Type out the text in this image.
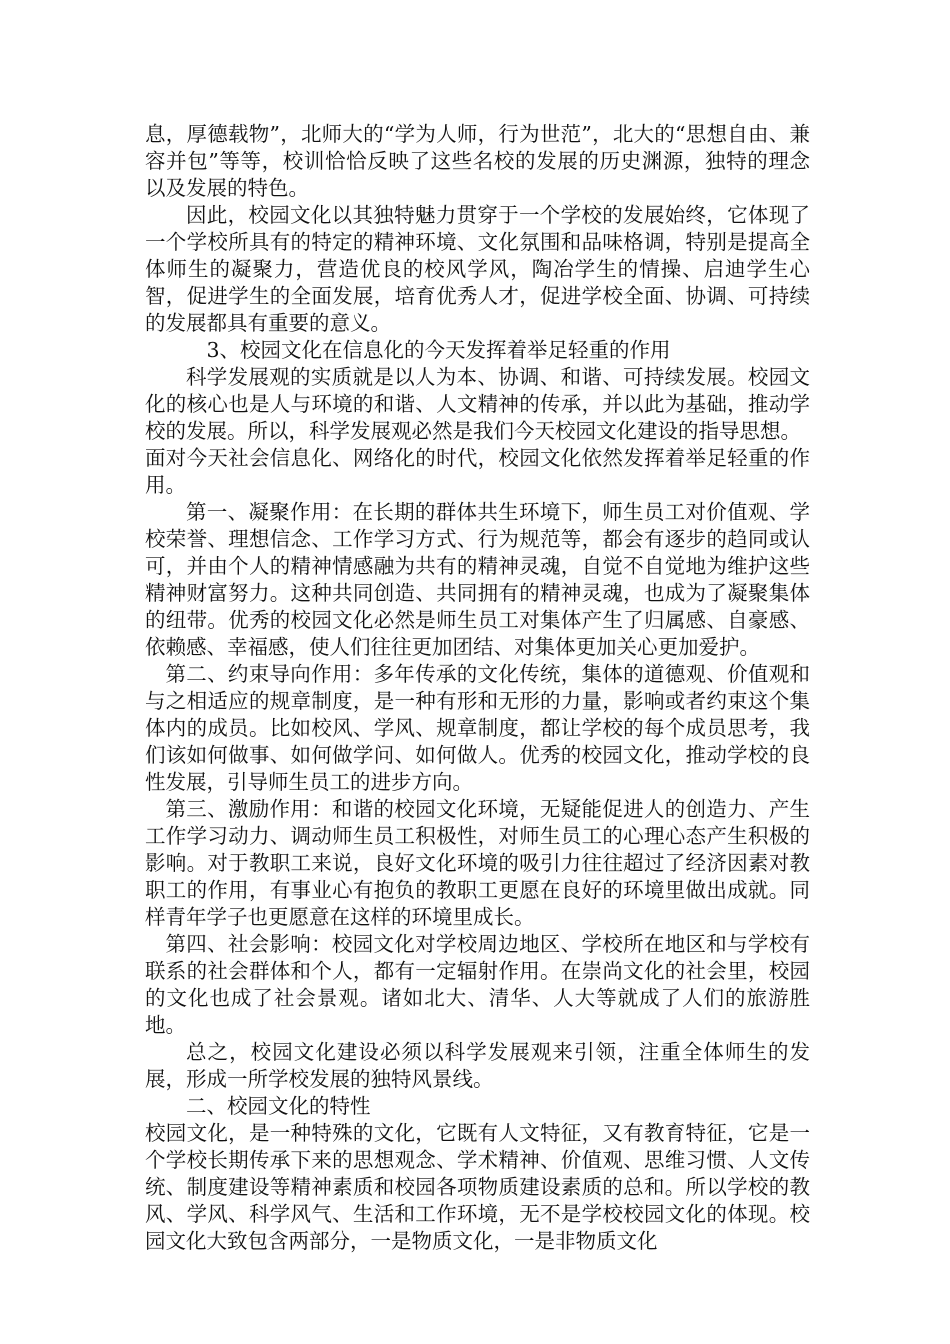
息，厚德载物”，北师大的“学为人师，行为世范”，北大的“思想自由、兼容并包”等等，校训恰恰反映了这些名校的发展的历史渊源，独特的理念以及发展的特色。

因此，校园文化以其独特魅力贯穿于一个学校的发展始终，它体现了一个学校所具有的特定的精神环境、文化氛围和品味格调，特别是提高全体师生的凝聚力，营造优良的校风学风，陶冶学生的情操、启迪学生心智，促进学生的全面发展，培育优秀人才，促进学校全面、协调、可持续的发展都具有重要的意义。

3、校园文化在信息化的今天发挥着举足轻重的作用

科学发展观的实质就是以人为本、协调、和谐、可持续发展。校园文化的核心也是人与环境的和谐、人文精神的传承，并以此为基础，推动学校的发展。所以，科学发展观必然是我们今天校园文化建设的指导思想。

面对今天社会信息化、网络化的时代，校园文化依然发挥着举足轻重的作用。

第一、凝聚作用：在长期的群体共生环境下，师生员工对价值观、学校荣誉、理想信念、工作学习方式、行为规范等，都会有逐步的趋同或认可，并由个人的精神情感融为共有的精神灵魂，自觉不自觉地为维护这些精神财富努力。这种共同创造、共同拥有的精神灵魂，也成为了凝聚集体的纽带。优秀的校园文化必然是师生员工对集体产生了归属感、自豪感、依赖感、幸福感，使人们往往更加团结、对集体更加关心更加爱护。

第二、约束导向作用：多年传承的文化传统，集体的道德观、价值观和与之相适应的规章制度，是一种有形和无形的力量，影响或者约束这个集体内的成员。比如校风、学风、规章制度，都让学校的每个成员思考，我们该如何做事、如何做学问、如何做人。优秀的校园文化，推动学校的良性发展，引导师生员工的进步方向。

第三、激励作用：和谐的校园文化环境，无疑能促进人的创造力、产生工作学习动力、调动师生员工积极性，对师生员工的心理心态产生积极的影响。对于教职工来说，良好文化环境的吸引力往往超过了经济因素对教职工的作用，有事业心有抱负的教职工更愿在良好的环境里做出成就。同样青年学子也更愿意在这样的环境里成长。

第四、社会影响：校园文化对学校周边地区、学校所在地区和与学校有联系的社会群体和个人，都有一定辐射作用。在崇尚文化的社会里，校园的文化也成了社会景观。诸如北大、清华、人大等就成了人们的旅游胜地。

总之，校园文化建设必须以科学发展观来引领，注重全体师生的发展，形成一所学校发展的独特风景线。

二、校园文化的特性

校园文化，是一种特殊的文化，它既有人文特征，又有教育特征，它是一个学校长期传承下来的思想观念、学术精神、价值观、思维习惯、人文传统、制度建设等精神素质和校园各项物质建设素质的总和。所以学校的教风、学风、科学风气、生活和工作环境，无不是学校校园文化的体现。校园文化大致包含两部分，一是物质文化，一是非物质文化
